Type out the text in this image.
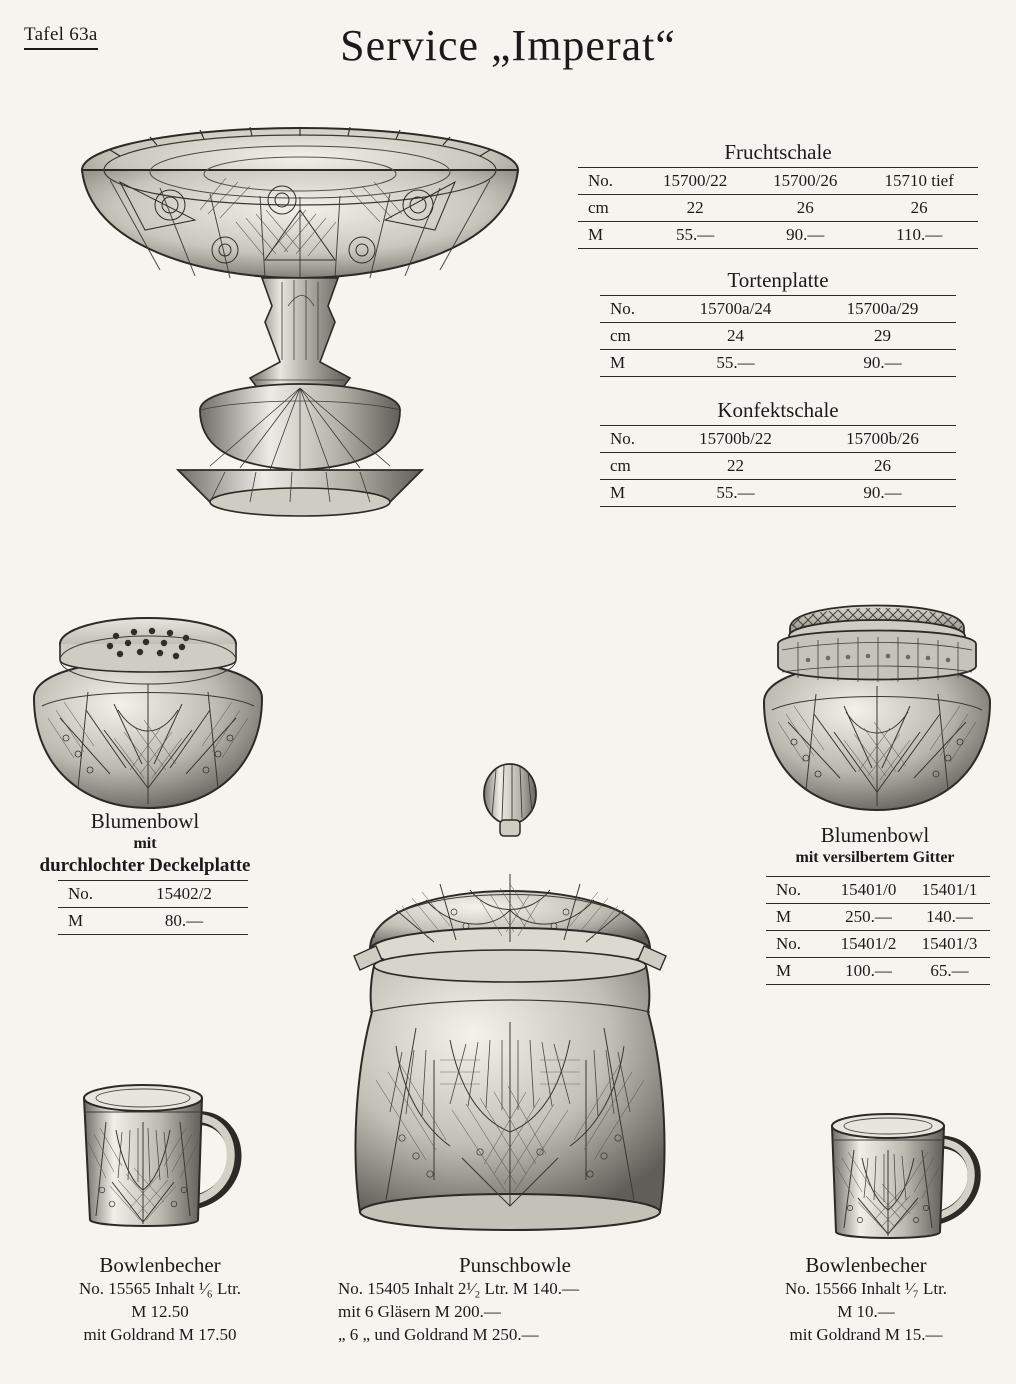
Tafel 63a	Service „Imperat“
Fruchtschale
No.	15700/22	15700/26	15710 tief
cm	22	26	26
M	55.—	90.—	110.—
Tortenplatte
No.	15700a/24	15700a/29
cm	24	29
M	55.—	90.—
Konfektschale
No.	15700b/22	15700b/26
cm	22	26
M	55.—	90.—
Blumenbowl
mit
durchlochter Deckelplatte
No.	15402/2
M	80.—
Blumenbowl
mit versilbertem Gitter
No.	15401/0	15401/1
M	250.—	140.—
No.	15401/2	15401/3
M	100.—	65.—
Bowlenbecher
No. 15565 Inhalt ¹⁄₆ Ltr.
M 12.50
mit Goldrand M 17.50
Punschbowle
No. 15405 Inhalt 2¹⁄₂ Ltr. M 140.—
mit 6 Gläsern M 200.—
„ 6 „ und Goldrand M 250.—
Bowlenbecher
No. 15566 Inhalt ¹⁄₇ Ltr.
M 10.—
mit Goldrand M 15.—
